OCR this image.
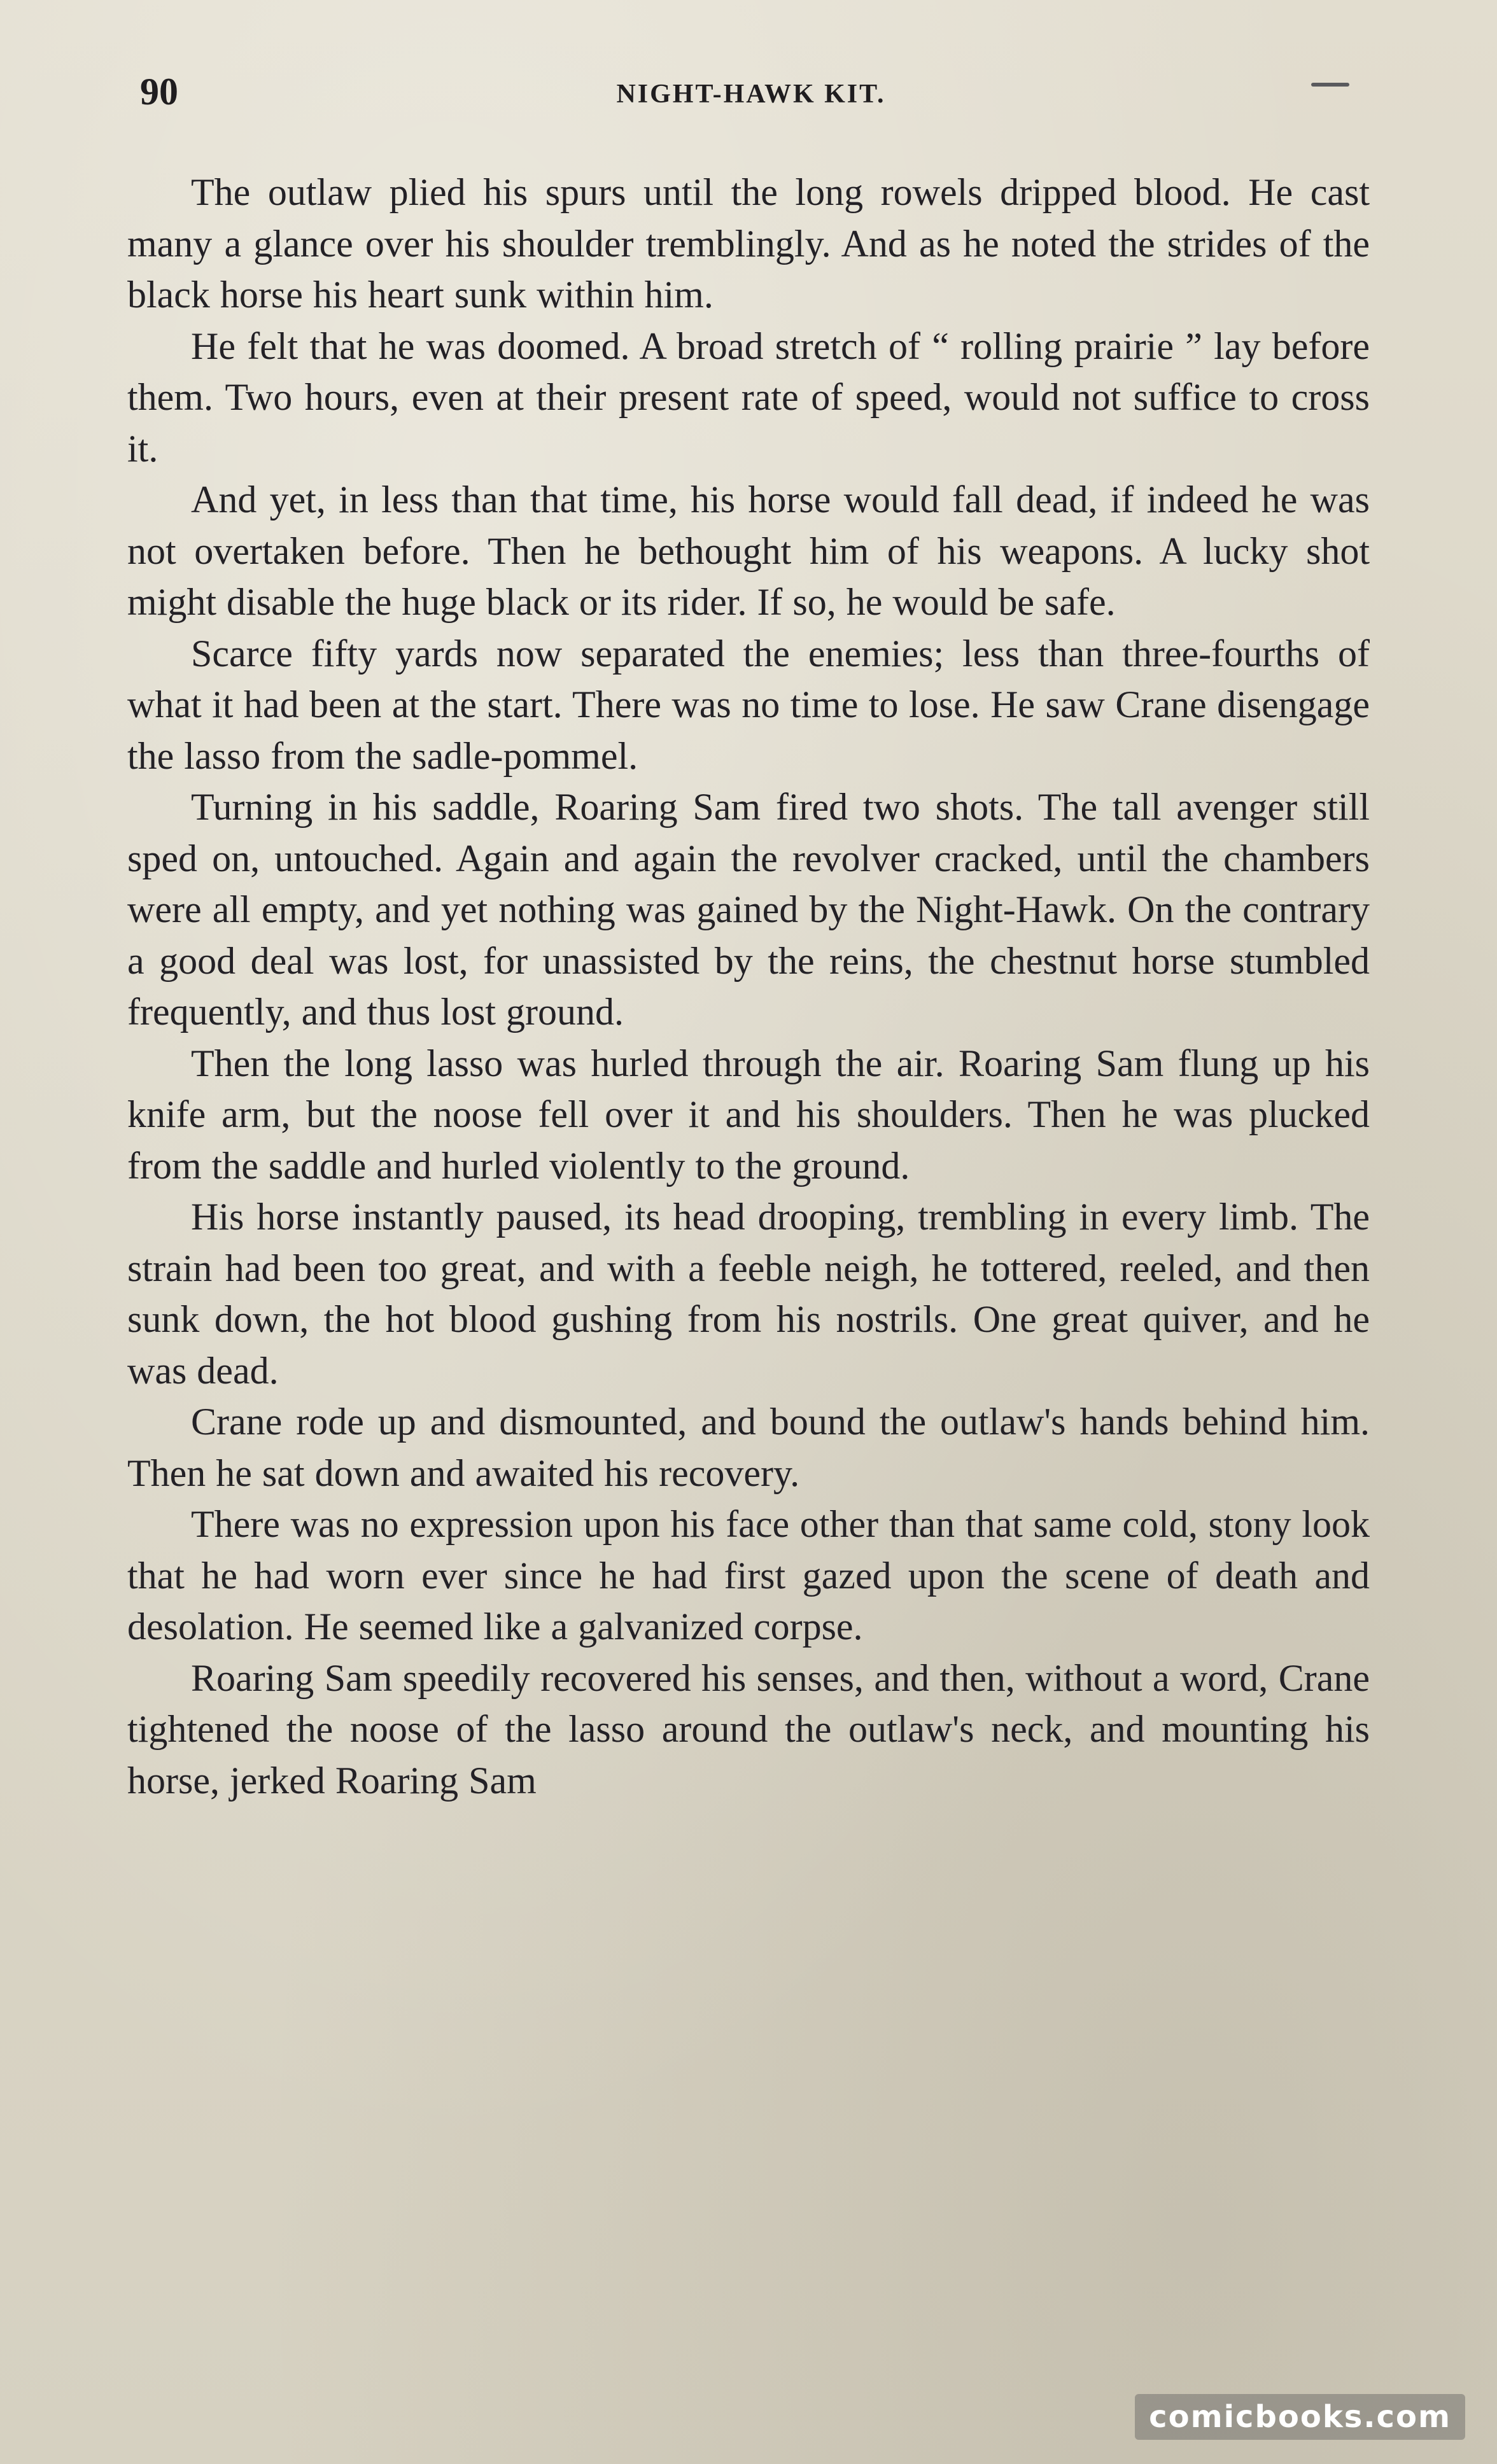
90	NIGHT-HAWK KIT.

The outlaw plied his spurs until the long rowels dripped blood. He cast many a glance over his shoulder tremblingly. And as he noted the strides of the black horse his heart sunk within him.

He felt that he was doomed. A broad stretch of “ rolling prairie ” lay before them. Two hours, even at their present rate of speed, would not suffice to cross it.

And yet, in less than that time, his horse would fall dead, if indeed he was not overtaken before. Then he bethought him of his weapons. A lucky shot might disable the huge black or its rider. If so, he would be safe.

Scarce fifty yards now separated the enemies; less than three-fourths of what it had been at the start. There was no time to lose. He saw Crane disengage the lasso from the sadle-pommel.

Turning in his saddle, Roaring Sam fired two shots. The tall avenger still sped on, untouched. Again and again the revolver cracked, until the chambers were all empty, and yet nothing was gained by the Night-Hawk. On the contrary a good deal was lost, for unassisted by the reins, the chestnut horse stumbled frequently, and thus lost ground.

Then the long lasso was hurled through the air. Roaring Sam flung up his knife arm, but the noose fell over it and his shoulders. Then he was plucked from the saddle and hurled violently to the ground.

His horse instantly paused, its head drooping, trembling in every limb. The strain had been too great, and with a feeble neigh, he tottered, reeled, and then sunk down, the hot blood gushing from his nostrils. One great quiver, and he was dead.

Crane rode up and dismounted, and bound the outlaw's hands behind him. Then he sat down and awaited his recovery.

There was no expression upon his face other than that same cold, stony look that he had worn ever since he had first gazed upon the scene of death and desolation. He seemed like a galvanized corpse.

Roaring Sam speedily recovered his senses, and then, without a word, Crane tightened the noose of the lasso around the outlaw's neck, and mounting his horse, jerked Roaring Sam

comicbooks.com
